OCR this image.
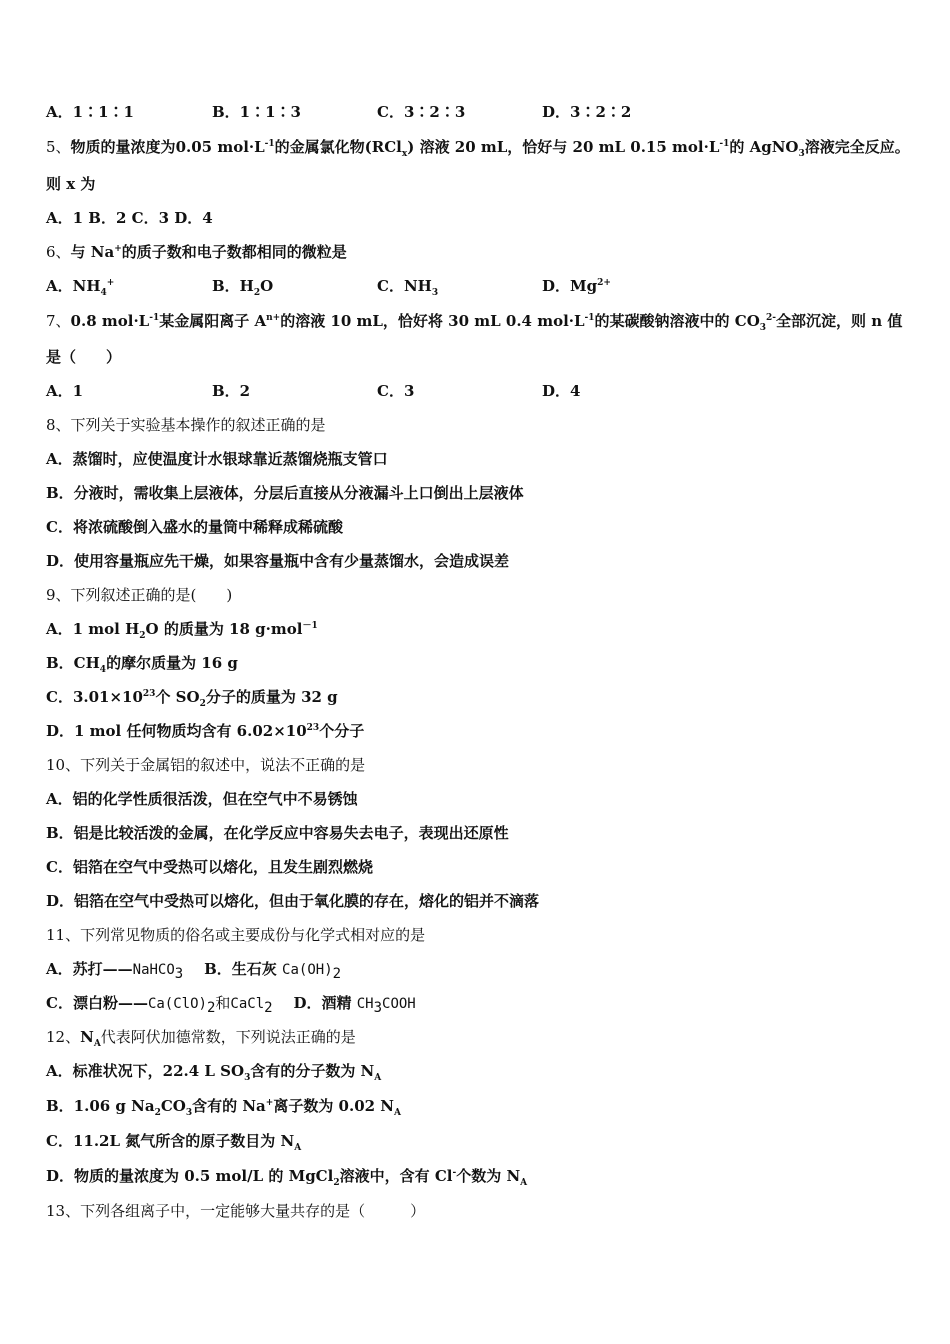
A．1∶1∶1	B．1∶1∶3	C．3∶2∶3	D．3∶2∶2
5、物质的量浓度为0.05 $mol\cdot L^{-1}$的金属氯化物(RCl$_x$) 溶液 20 mL，恰好与 20 mL 0.15 $mol\cdot L^{-1}$的 AgNO$_3$溶液完全反应。
则 x 为
A．1 B．2 C．3 D．4
6、与 Na+的质子数和电子数都相同的微粒是
A．$NH_4^+$	B．$H_2O$	C．$NH_3$	D．$Mg^{2+}$
7、0.8 $mol\cdot L^{-1}$某金属阳离子 $A^{n+}$的溶液 10 mL，恰好将 30 mL 0.4 $mol\cdot L^{-1}$的某碳酸钠溶液中的 $CO_3^{2-}$全部沉淀，则 n 值
是（　　）
A．1	B．2	C．3	D．4
8、下列关于实验基本操作的叙述正确的是
A．蒸馏时，应使温度计水银球靠近蒸馏烧瓶支管口
B．分液时，需收集上层液体，分层后直接从分液漏斗上口倒出上层液体
C．将浓硫酸倒入盛水的量筒中稀释成稀硫酸
D．使用容量瓶应先干燥，如果容量瓶中含有少量蒸馏水，会造成误差
9、下列叙述正确的是(　　)
A．1 mol $H_2O$ 的质量为 18 g·mol$^{-1}$
B．$CH_4$的摩尔质量为 16 g
C．$3.01\times 10^{23}$个 $SO_2$分子的质量为 32 g
D．1 mol 任何物质均含有 $6.02\times 10^{23}$个分子
10、下列关于金属铝的叙述中，说法不正确的是
A．铝的化学性质很活泼，但在空气中不易锈蚀
B．铝是比较活泼的金属，在化学反应中容易失去电子，表现出还原性
C．铝箔在空气中受热可以熔化，且发生剧烈燃烧
D．铝箔在空气中受热可以熔化，但由于氧化膜的存在，熔化的铝并不滴落
11、下列常见物质的俗名或主要成份与化学式相对应的是
A．苏打——NaHCO$_3$ B．生石灰 $Ca(OH)_2$
C．漂白粉$——Ca(ClO)_2$和CaCl$_2$ D．酒精 $CH_3COOH$
12、$N_A$代表阿伏加德常数，下列说法正确的是
A．标准状况下，22.4 L $SO_3$含有的分子数为 $N_A$
B．1.06 g $Na_2CO_3$含有的 Na+离子数为 0.02 $N_A$
C．11.2L 氮气所含的原子数目为 $N_A$
D．物质的量浓度为 0.5 mol/L 的 MgCl$_2$溶液中，含有 Cl-个数为 $N_A$
13、下列各组离子中，一定能够大量共存的是（　　　）
